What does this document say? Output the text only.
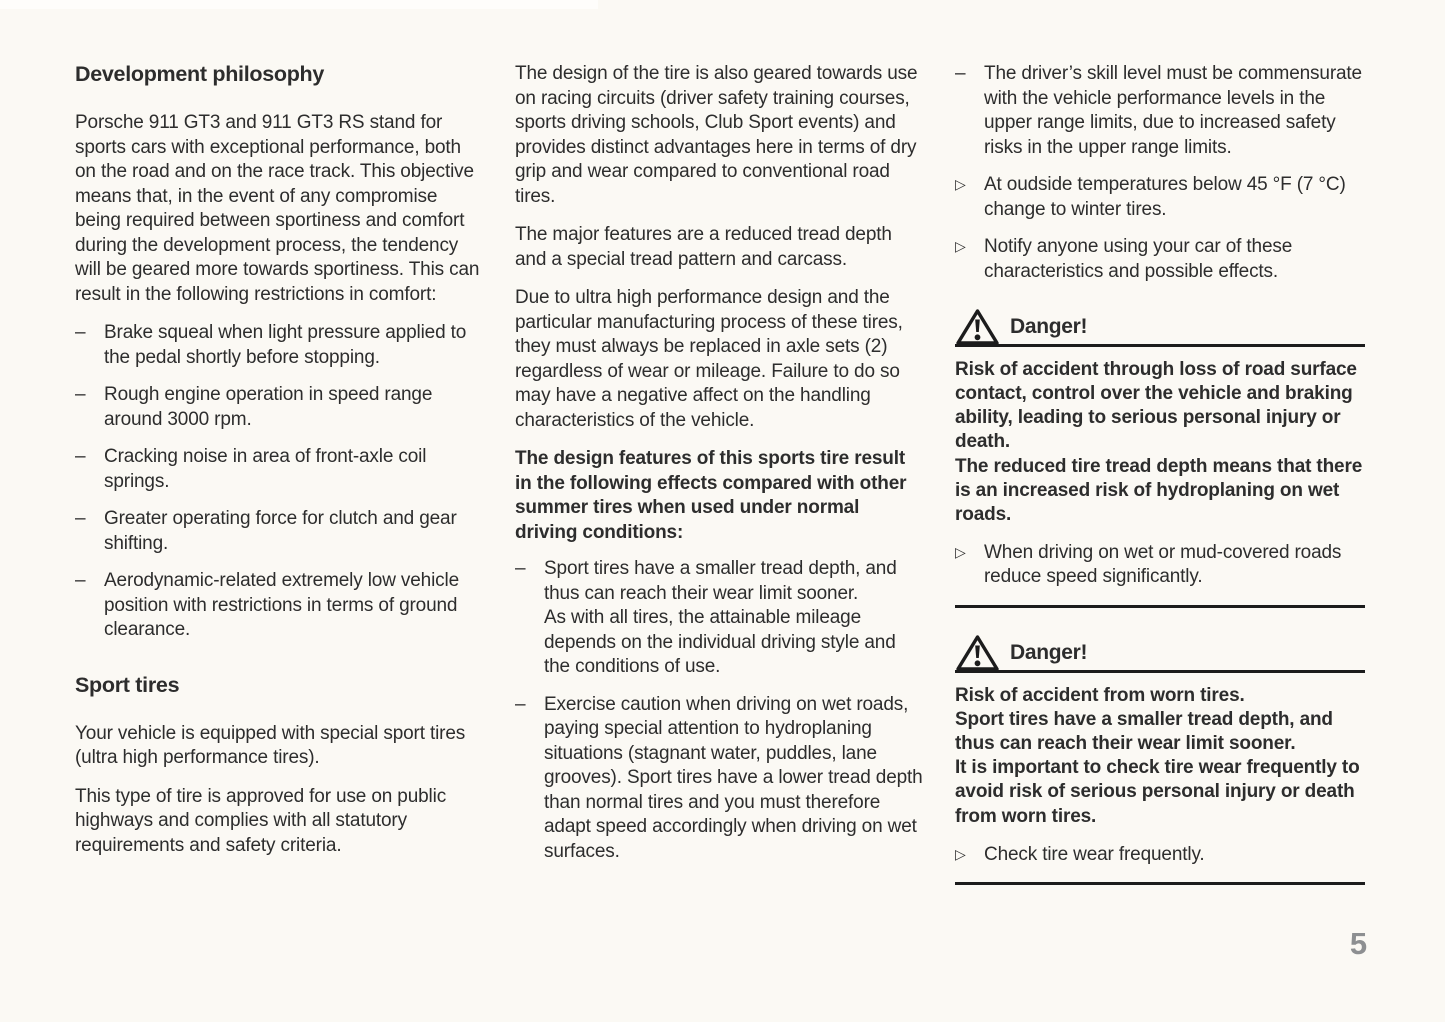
Development philosophy

Porsche 911 GT3 and 911 GT3 RS stand for sports cars with exceptional performance, both on the road and on the race track. This objective means that, in the event of any compromise being required between sportiness and comfort during the development process, the tendency will be geared more towards sportiness. This can result in the following restrictions in comfort:

– Brake squeal when light pressure applied to the pedal shortly before stopping.
– Rough engine operation in speed range around 3000 rpm.
– Cracking noise in area of front-axle coil springs.
– Greater operating force for clutch and gear shifting.
– Aerodynamic-related extremely low vehicle position with restrictions in terms of ground clearance.
Sport tires

Your vehicle is equipped with special sport tires (ultra high performance tires).

This type of tire is approved for use on public highways and complies with all statutory requirements and safety criteria.

The design of the tire is also geared towards use on racing circuits (driver safety training courses, sports driving schools, Club Sport events) and provides distinct advantages here in terms of dry grip and wear compared to conventional road tires.

The major features are a reduced tread depth and a special tread pattern and carcass.

Due to ultra high performance design and the particular manufacturing process of these tires, they must always be replaced in axle sets (2) regardless of wear or mileage. Failure to do so may have a negative affect on the handling characteristics of the vehicle.

The design features of this sports tire result in the following effects compared with other summer tires when used under normal driving conditions:

– Sport tires have a smaller tread depth, and thus can reach their wear limit sooner.
As with all tires, the attainable mileage depends on the individual driving style and the conditions of use.
– Exercise caution when driving on wet roads, paying special attention to hydroplaning situations (stagnant water, puddles, lane grooves). Sport tires have a lower tread depth than normal tires and you must therefore adapt speed accordingly when driving on wet surfaces.
– The driver’s skill level must be commensurate with the vehicle performance levels in the upper range limits, due to increased safety risks in the upper range limits.
▷ At oudside temperatures below 45 °F (7 °C) change to winter tires.
▷ Notify anyone using your car of these characteristics and possible effects.
Danger!
Risk of accident through loss of road surface contact, control over the vehicle and braking ability, leading to serious personal injury or death.
The reduced tire tread depth means that there is an increased risk of hydroplaning on wet roads.
▷ When driving on wet or mud-covered roads reduce speed significantly.
Danger!
Risk of accident from worn tires.
Sport tires have a smaller tread depth, and thus can reach their wear limit sooner.
It is important to check tire wear frequently to avoid risk of serious personal injury or death from worn tires.
▷ Check tire wear frequently.
5
